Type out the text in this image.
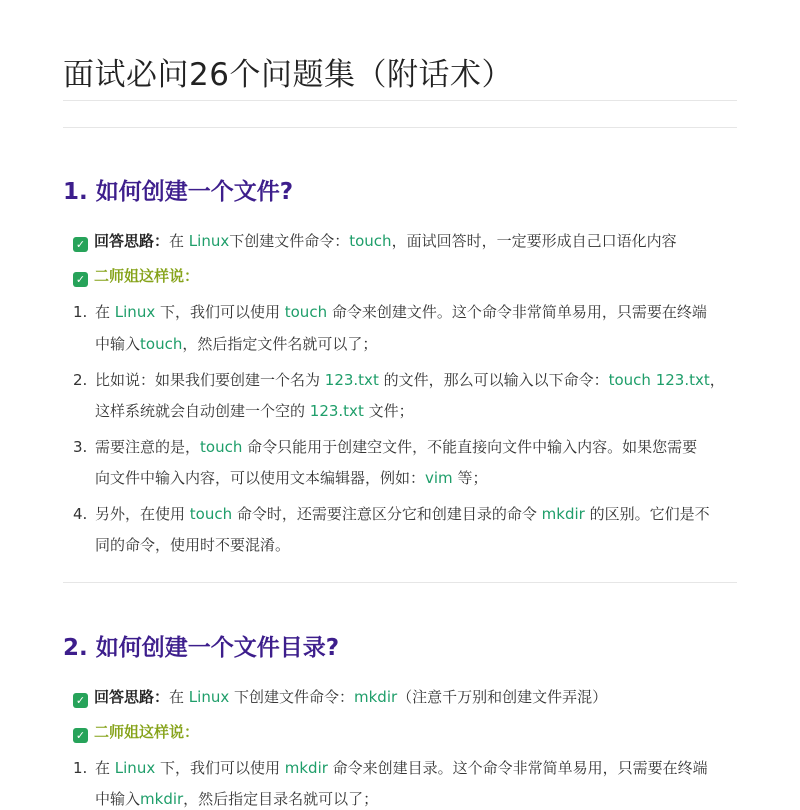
面试必问26个问题集（附话术）
1. 如何创建一个文件?

✓ 回答思路：在 Linux下创建文件命令：touch，面试回答时，一定要形成自己口语化内容

✓ 二师姐这样说：

1. 在 Linux 下，我们可以使用 touch 命令来创建文件。这个命令非常简单易用，只需要在终端

中输入touch，然后指定文件名就可以了；

2. 比如说：如果我们要创建一个名为 123.txt 的文件，那么可以输入以下命令：touch 123.txt，

这样系统就会自动创建一个空的 123.txt 文件；

3. 需要注意的是，touch 命令只能用于创建空文件，不能直接向文件中输入内容。如果您需要

向文件中输入内容，可以使用文本编辑器，例如：vim 等；

4. 另外，在使用 touch 命令时，还需要注意区分它和创建目录的命令 mkdir 的区别。它们是不

同的命令，使用时不要混淆。

2. 如何创建一个文件目录?

✓ 回答思路：在 Linux 下创建文件命令：mkdir（注意千万别和创建文件弄混）

✓ 二师姐这样说：

1. 在 Linux 下，我们可以使用 mkdir 命令来创建目录。这个命令非常简单易用，只需要在终端

中输入mkdir，然后指定目录名就可以了；
